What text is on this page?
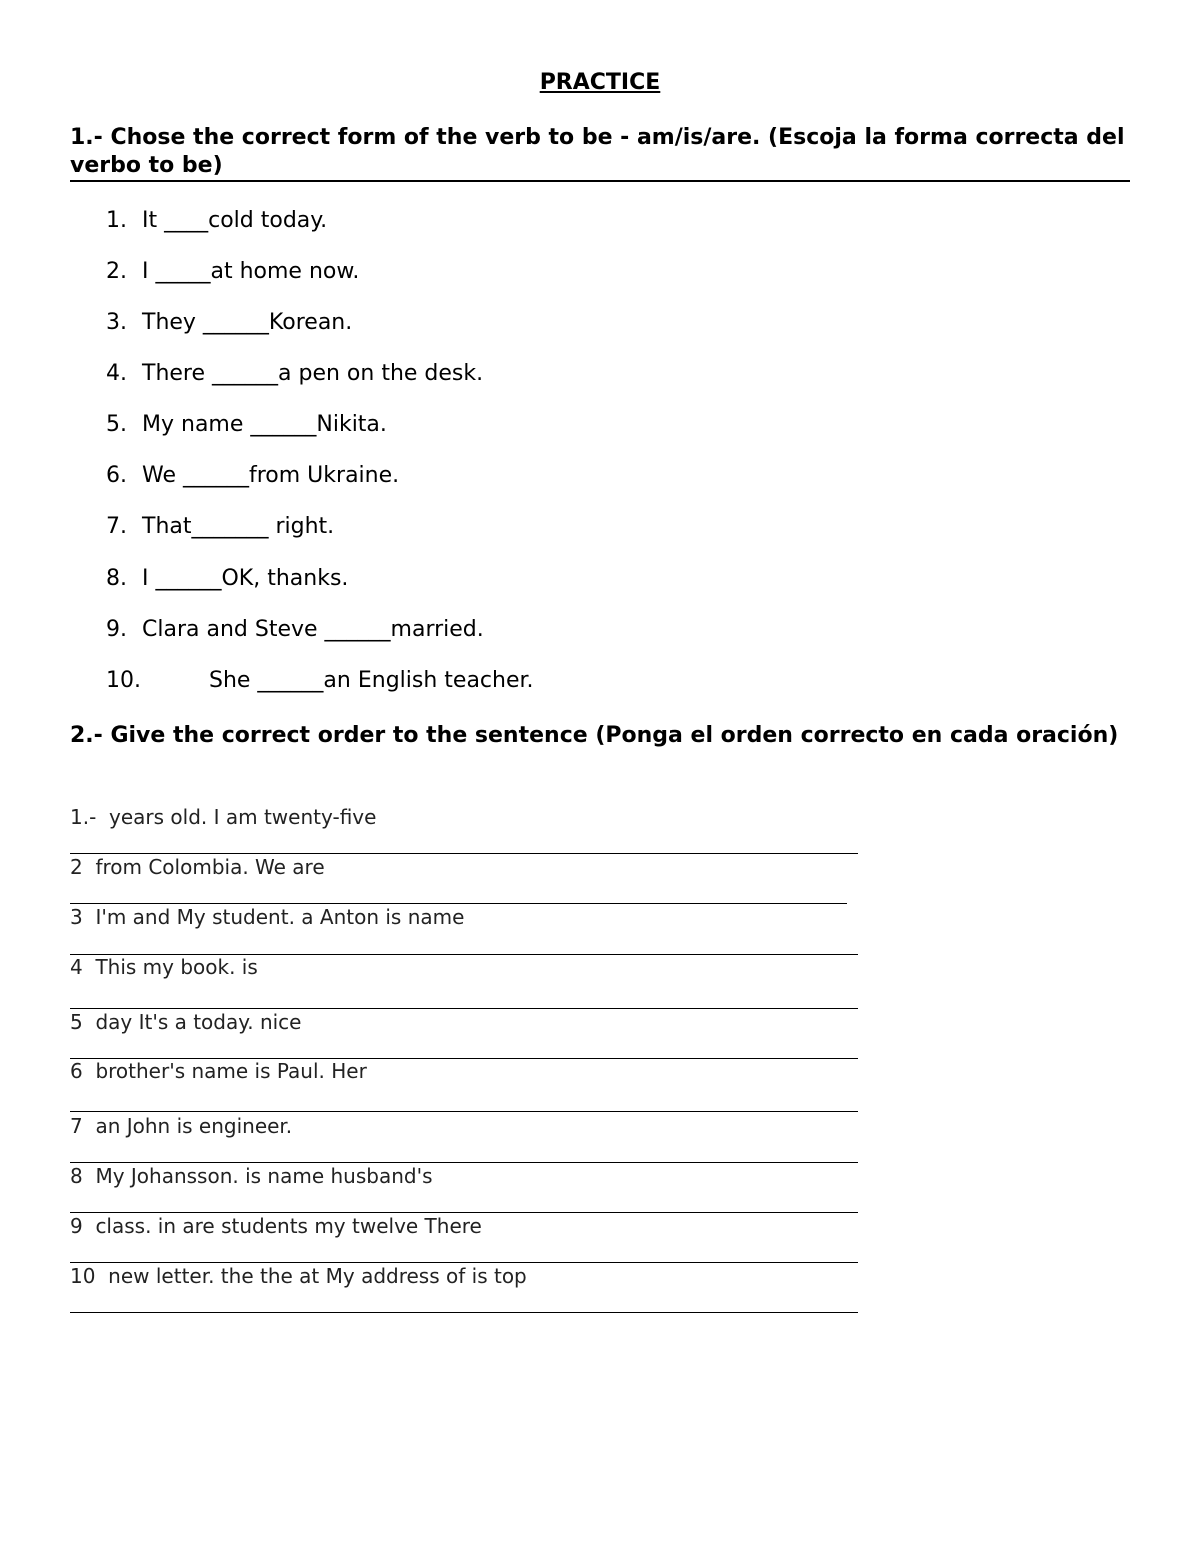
PRACTICE
1.- Chose the correct form of the verb to be - am/is/are. (Escoja la forma correcta del verbo to be)
1. It ____cold today.
2. I _____at home now.
3. They ______Korean.
4. There ______a pen on the desk.
5. My name ______Nikita.
6. We ______from Ukraine.
7. That_______ right.
8. I ______OK, thanks.
9. Clara and Steve ______married.
10.	She ______an English teacher.
2.- Give the correct order to the sentence (Ponga el orden correcto en cada oración)
1.-  years old. I am twenty-five
2  from Colombia. We are
3  I'm and My student. a Anton is name
4  This my book. is
5  day It's a today. nice
6  brother's name is Paul. Her
7  an John is engineer.
8  My Johansson. is name husband's
9  class. in are students my twelve There
10  new letter. the the at My address of is top
